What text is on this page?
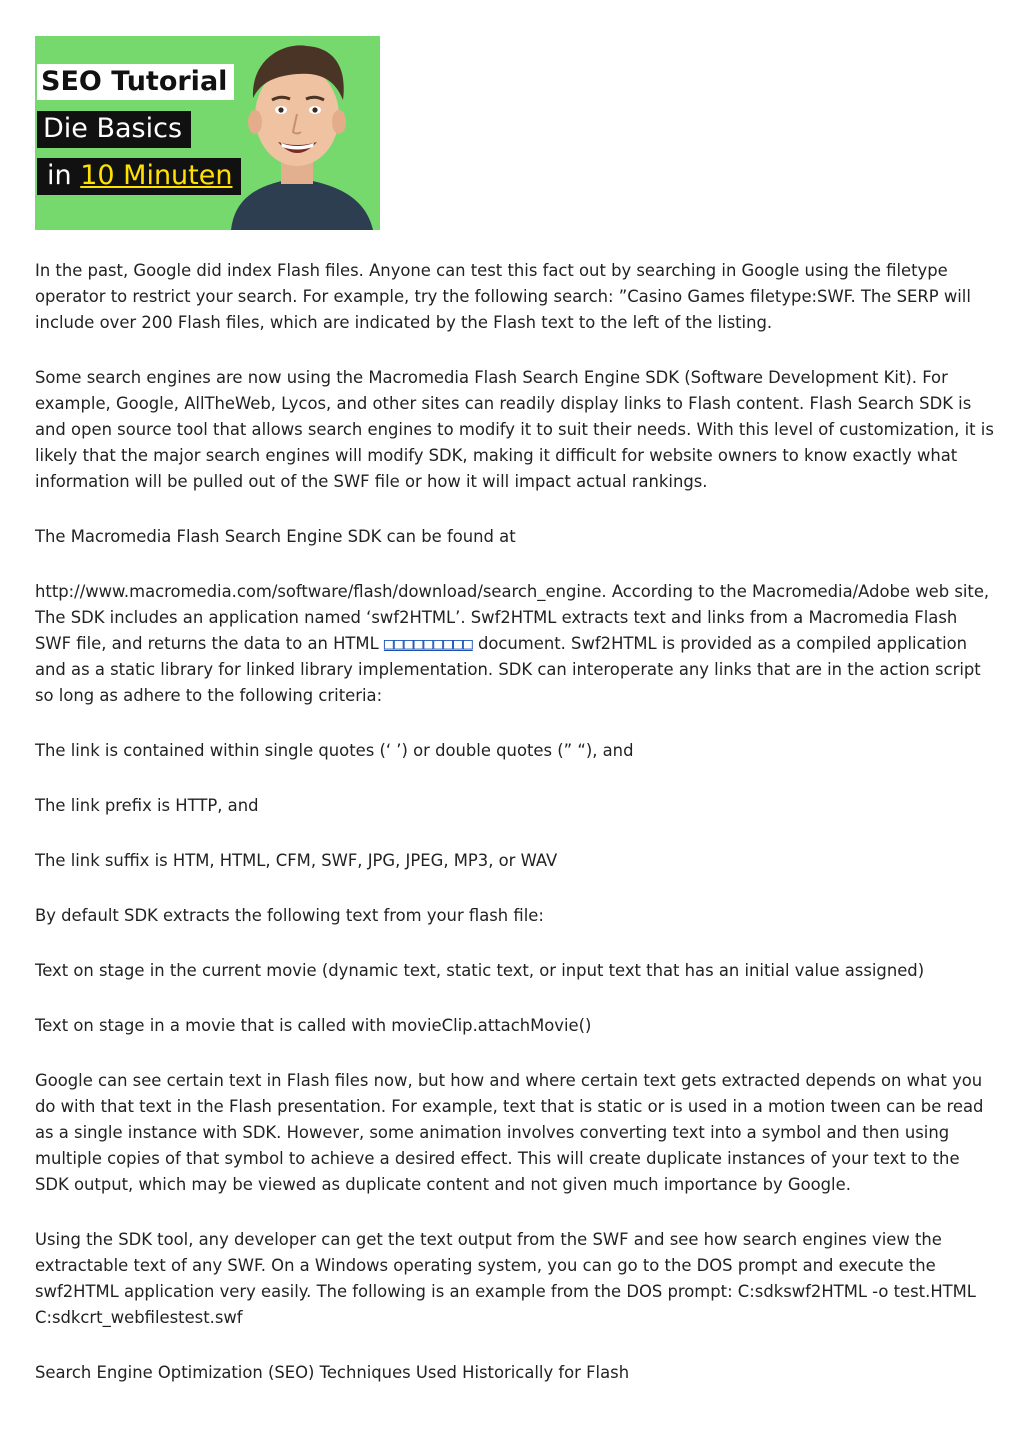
SEO Tutorial
Die Basics
in 10 Minuten

In the past, Google did index Flash files. Anyone can test this fact out by searching in Google using the filetype operator to restrict your search. For example, try the following search: ”Casino Games filetype:SWF. The SERP will include over 200 Flash files, which are indicated by the Flash text to the left of the listing.

Some search engines are now using the Macromedia Flash Search Engine SDK (Software Development Kit). For example, Google, AllTheWeb, Lycos, and other sites can readily display links to Flash content. Flash Search SDK is and open source tool that allows search engines to modify it to suit their needs. With this level of customization, it is likely that the major search engines will modify SDK, making it difficult for website owners to know exactly what information will be pulled out of the SWF file or how it will impact actual rankings.

The Macromedia Flash Search Engine SDK can be found at

http://www.macromedia.com/software/flash/download/search_engine. According to the Macromedia/Adobe web site, The SDK includes an application named ‘swf2HTML’. Swf2HTML extracts text and links from a Macromedia Flash SWF file, and returns the data to an HTML □□□□□□□□□ document. Swf2HTML is provided as a compiled application and as a static library for linked library implementation. SDK can interoperate any links that are in the action script so long as adhere to the following criteria:

The link is contained within single quotes (‘ ’) or double quotes (” “), and

The link prefix is HTTP, and

The link suffix is HTM, HTML, CFM, SWF, JPG, JPEG, MP3, or WAV

By default SDK extracts the following text from your flash file:

Text on stage in the current movie (dynamic text, static text, or input text that has an initial value assigned)

Text on stage in a movie that is called with movieClip.attachMovie()

Google can see certain text in Flash files now, but how and where certain text gets extracted depends on what you do with that text in the Flash presentation. For example, text that is static or is used in a motion tween can be read as a single instance with SDK. However, some animation involves converting text into a symbol and then using multiple copies of that symbol to achieve a desired effect. This will create duplicate instances of your text to the SDK output, which may be viewed as duplicate content and not given much importance by Google.

Using the SDK tool, any developer can get the text output from the SWF and see how search engines view the extractable text of any SWF. On a Windows operating system, you can go to the DOS prompt and execute the swf2HTML application very easily. The following is an example from the DOS prompt: C:sdkswf2HTML -o test.HTML C:sdkcrt_webfilestest.swf

Search Engine Optimization (SEO) Techniques Used Historically for Flash
